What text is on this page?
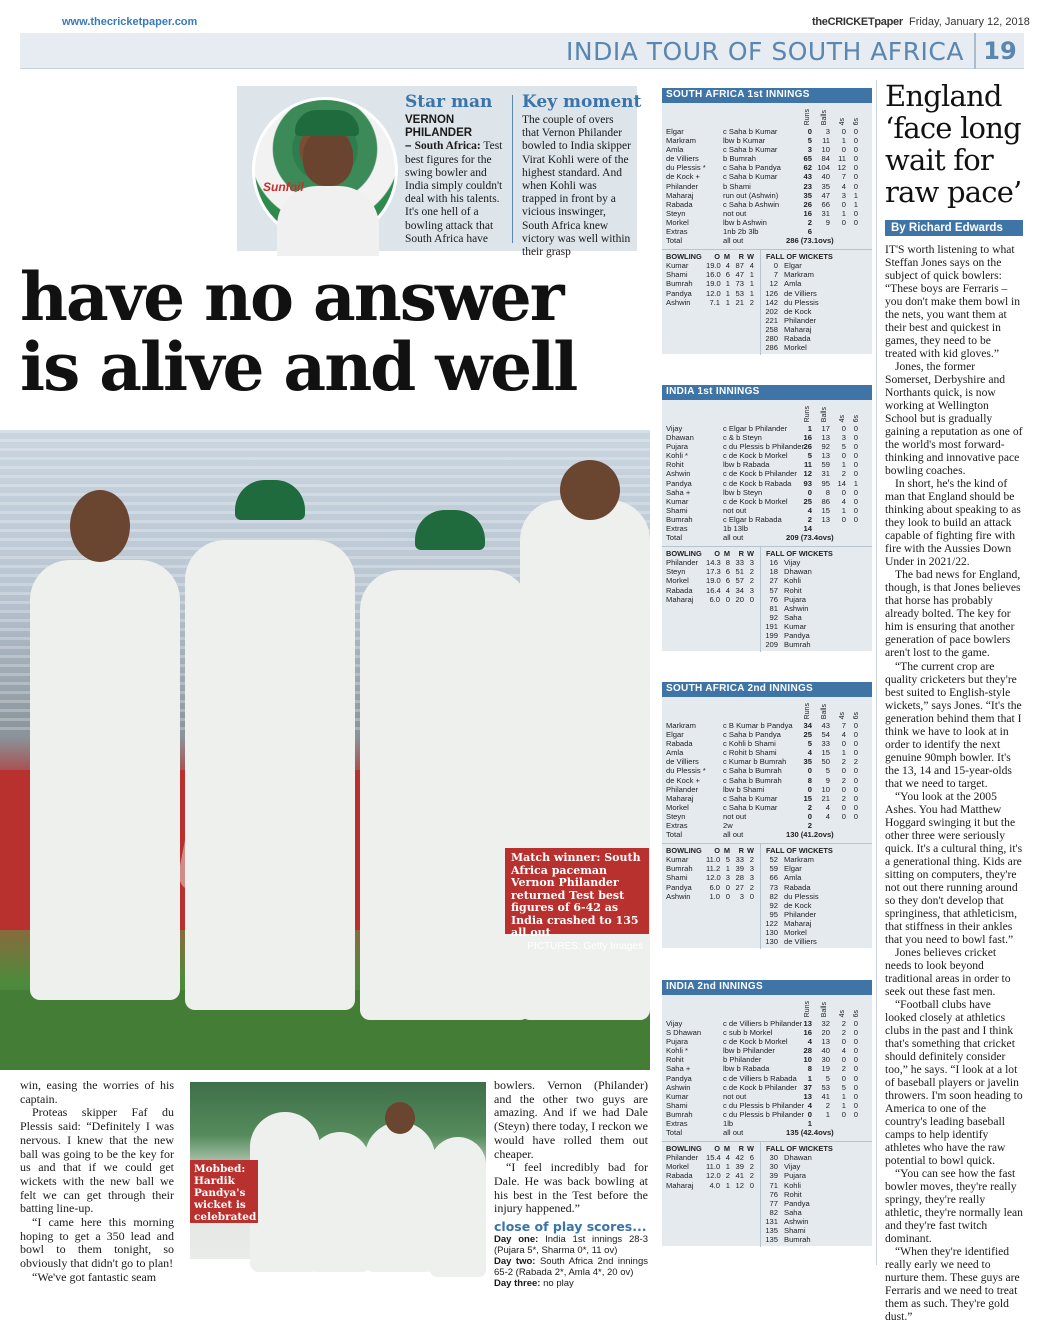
www.thecricketpaper.com	theCRICKETpaper Friday, January 12, 2018
INDIA TOUR OF SOUTH AFRICA 19
Sunfoil
Star man Key moment
VERNON PHILANDER
– South Africa: Test best figures for the swing bowler and India simply couldn't deal with his talents. It's one hell of a bowling attack that South Africa have
The couple of overs that Vernon Philander bowled to India skipper Virat Kohli were of the highest standard. And when Kohli was trapped in front by a vicious inswinger, South Africa knew victory was well within their grasp
have no answer
is alive and well
Match winner: South Africa paceman Vernon Philander returned Test best figures of 6-42 as India crashed to 135 all out
PICTURES: Getty Images

win, easing the worries of his captain.

Proteas skipper Faf du Plessis said: “Definitely I was nervous. I knew that the new ball was going to be the key for us and that if we could get wickets with the new ball we felt we can get through their batting line-up.

“I came here this morning hoping to get a 350 lead and bowl to them tonight, so obviously that didn't go to plan!

“We've got fantastic seam

Mobbed: Hardik Pandya's wicket is celebrated

bowlers. Vernon (Philander) and the other two guys are amazing. And if we had Dale (Steyn) there today, I reckon we would have rolled them out cheaper.

“I feel incredibly bad for Dale. He was back bowling at his best in the Test before the injury happened.”

close of play scores...
Day one: India 1st innings 28-3 (Pujara 5*, Sharma 0*, 11 ov)
Day two: South Africa 2nd innings 65-2 (Rabada 2*, Amla 4*, 20 ov)
Day three: no play
SOUTH AFRICA 1st INNINGS
Runs Balls 4s 6s
Elgar	c Saha b Kumar	0	3	0	0
Markram	lbw b Kumar	5	11	1	0
Amla	c Saha b Kumar	3	10	0	0
de Villiers	b Bumrah	65	84	11	0
du Plessis *	c Saha b Pandya	62 104 12	0
de Kock +	c Saha b Kumar	43	40	7	0
Philander	b Shami	23	35	4	0
Maharaj	run out (Ashwin)	35	47	3	1
Rabada	c Saha b Ashwin	26	66	0	1
Steyn	not out	16	31	1	0
Morkel	lbw b Ashwin	2	9	0	0
Extras	1nb 2b 3lb	6
Total	all out	286 (73.1ovs)
BOWLING	O M	R W FALL OF WICKETS
Kumar 19.0 4 87 4
Shami 16.0 6 47 1
Bumrah 19.0 1 73 1
Pandya 12.0 1 53 1
Ashwin	7.1 1 21 2
0 Elgar
7 Markram
12 Amla
126 de Villiers
142 du Plessis
202 de Kock
221 Philander
258 Maharaj
280 Rabada
286 Morkel
INDIA 1st INNINGS
Runs Balls 4s 6s
Vijay	c Elgar b Philander	1	17	0	0
Dhawan	c & b Steyn	16	13	3	0
Pujara	c du Plessis b Philander 26	92	5	0
Kohli *	c de Kock b Morkel	5	13	0	0
Rohit	lbw b Rabada	11	59	1	0
Ashwin	c de Kock b Philander 12	31	2	0
Pandya	c de Kock b Rabada	93	95 14	1
Saha +	lbw b Steyn	0	8	0	0
Kumar	c de Kock b Morkel	25	86	4	0
Shami	not out	4	15	1	0
Bumrah	c Elgar b Rabada	2	13	0	0
Extras	1b 13lb	14
Total	all out	209 (73.4ovs)
BOWLING	O M	R W FALL OF WICKETS
Philander 14.3 8 33 3
Steyn	17.3 6 51 2
Morkel 19.0 6 57 2
Rabada 16.4 4 34 3
Maharaj	6.0 0 20 0
16 Vijay
18 Dhawan
27 Kohli
57 Rohit
76 Pujara
81 Ashwin
92 Saha
191 Kumar
199 Pandya
209 Bumrah
SOUTH AFRICA 2nd INNINGS
Runs Balls 4s 6s
Markram	c B Kumar b Pandya	34	43	7	0
Elgar	c Saha b Pandya	25	54	4	0
Rabada	c Kohli b Shami	5	33	0	0
Amla	c Rohit b Shami	4	15	1	0
de Villiers	c Kumar b Bumrah	35	50	2	2
du Plessis *	c Saha b Bumrah	0	5	0	0
de Kock +	c Saha b Bumrah	8	9	2	0
Philander	lbw b Shami	0	10	0	0
Maharaj	c Saha b Kumar	15	21	2	0
Morkel	c Saha b Kumar	2	4	0	0
Steyn	not out	0	4	0	0
Extras	2w	2
Total	all out	130 (41.2ovs)
BOWLING	O M	R W FALL OF WICKETS
Kumar 11.0 5 33 2
Bumrah 11.2 1 39 3
Shami 12.0 3 28 3
Pandya	6.0 0 27 2
Ashwin	1.0 0	3 0
52 Markram
59 Elgar
66 Amla
73 Rabada
82 du Plessis
92 de Kock
95 Philander
122 Maharaj
130 Morkel
130 de Villiers
INDIA 2nd INNINGS
Runs Balls 4s 6s
Vijay	c de Villiers b Philander 13	32	2	0
S Dhawan	c sub b Morkel	16	20	2	0
Pujara	c de Kock b Morkel	4	13	0	0
Kohli *	lbw b Philander	28	40	4	0
Rohit	b Philander	10	30	0	0
Saha +	lbw b Rabada	8	19	2	0
Pandya	c de Villiers b Rabada	1	5	0	0
Ashwin	c de Kock b Philander 37	53	5	0
Kumar	not out	13	41	1	0
Shami	c du Plessis b Philander 4	2	1	0
Bumrah	c du Plessis b Philander 0	1	0	0
Extras	1lb	1
Total	all out	135 (42.4ovs)
BOWLING	O M	R W FALL OF WICKETS
Philander 15.4 4 42 6
Morkel 11.0 1 39 2
Rabada 12.0 2 41 2
Maharaj	4.0 1 12 0
30 Dhawan
30 Vijay
39 Pujara
71 Kohli
76 Rohit
77 Pandya
82 Saha
131 Ashwin
135 Shami
135 Bumrah
England ‘face long wait for raw pace’
By Richard Edwards

IT'S worth listening to what Steffan Jones says on the subject of quick bowlers: “These boys are Ferraris – you don't make them bowl in the nets, you want them at their best and quickest in games, they need to be treated with kid gloves.”

Jones, the former Somerset, Derbyshire and Northants quick, is now working at Wellington School but is gradually gaining a reputation as one of the world's most forward-thinking and innovative pace bowling coaches.

In short, he's the kind of man that England should be thinking about speaking to as they look to build an attack capable of fighting fire with fire with the Aussies Down Under in 2021/22.

The bad news for England, though, is that Jones believes that horse has probably already bolted. The key for him is ensuring that another generation of pace bowlers aren't lost to the game.

“The current crop are quality cricketers but they're best suited to English-style wickets,” says Jones. “It's the generation behind them that I think we have to look at in order to identify the next genuine 90mph bowler. It's the 13, 14 and 15-year-olds that we need to target.

“You look at the 2005 Ashes. You had Matthew Hoggard swinging it but the other three were seriously quick. It's a cultural thing, it's a generational thing. Kids are sitting on computers, they're not out there running around so they don't develop that springiness, that athleticism, that stiffness in their ankles that you need to bowl fast.”

Jones believes cricket needs to look beyond traditional areas in order to seek out these fast men.

“Football clubs have looked closely at athletics clubs in the past and I think that's something that cricket should definitely consider too,” he says. “I look at a lot of baseball players or javelin throwers. I'm soon heading to America to one of the country's leading baseball camps to help identify athletes who have the raw potential to bowl quick.

“You can see how the fast bowler moves, they're really springy, they're really athletic, they're normally lean and they're fast twitch dominant.

“When they're identified really early we need to nurture them. These guys are Ferraris and we need to treat them as such. They're gold dust.”
